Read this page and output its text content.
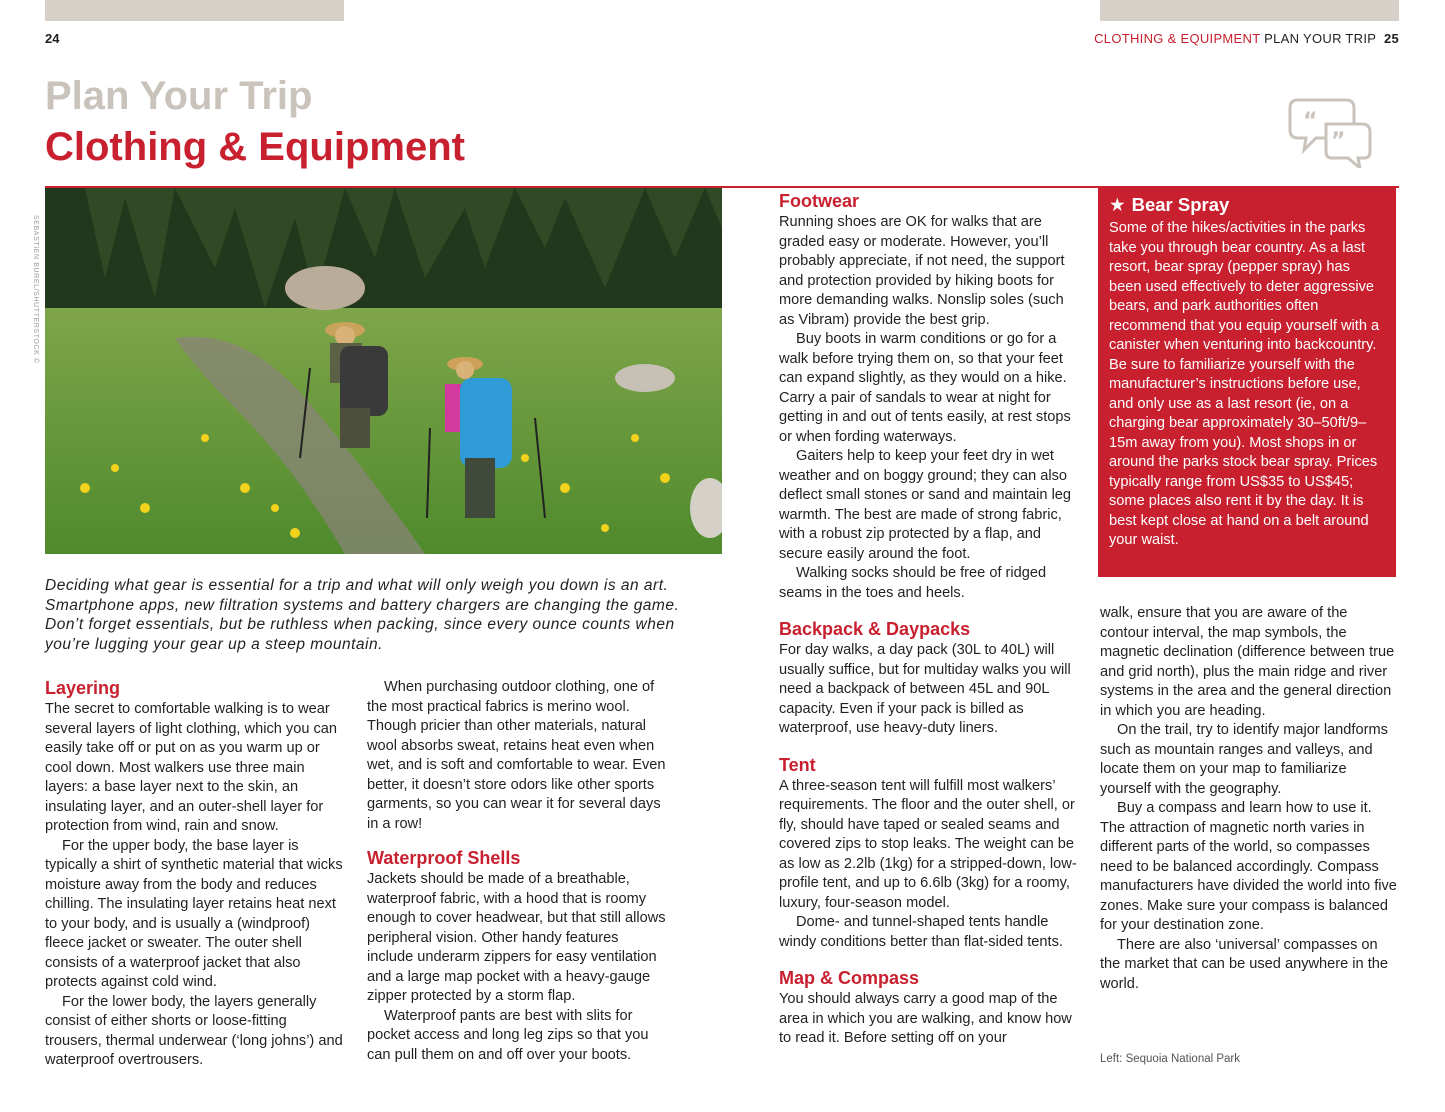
24	CLOTHING & EQUIPMENT PLAN YOUR TRIP 25
Plan Your Trip
Clothing & Equipment
“
”
SEBASTIEN BUREL/SHUTTERSTOCK ©
Deciding what gear is essential for a trip and what will only weigh you down is an art. Smartphone apps, new filtration systems and battery chargers are changing the game. Don’t forget essentials, but be ruthless when packing, since every ounce counts when you’re lugging your gear up a steep mountain.
Layering

The secret to comfortable walking is to wear several layers of light clothing, which you can easily take off or put on as you warm up or cool down. Most walkers use three main layers: a base layer next to the skin, an insulating layer, and an outer-shell layer for protection from wind, rain and snow.

For the upper body, the base layer is typically a shirt of synthetic material that wicks moisture away from the body and reduces chilling. The insulating layer retains heat next to your body, and is usually a (windproof) fleece jacket or sweater. The outer shell consists of a waterproof jacket that also protects against cold wind.

For the lower body, the layers generally consist of either shorts or loose-fitting trousers, thermal underwear (‘long johns’) and waterproof overtrousers.

When purchasing outdoor clothing, one of the most practical fabrics is merino wool. Though pricier than other materials, natural wool absorbs sweat, retains heat even when wet, and is soft and comfortable to wear. Even better, it doesn’t store odors like other sports garments, so you can wear it for several days in a row!

Waterproof Shells

Jackets should be made of a breathable, waterproof fabric, with a hood that is roomy enough to cover headwear, but that still allows peripheral vision. Other handy features include underarm zippers for easy ventilation and a large map pocket with a heavy-gauge zipper protected by a storm flap.

Waterproof pants are best with slits for pocket access and long leg zips so that you can pull them on and off over your boots.

Footwear

Running shoes are OK for walks that are graded easy or moderate. However, you’ll probably appreciate, if not need, the support and protection provided by hiking boots for more demanding walks. Nonslip soles (such as Vibram) provide the best grip.

Buy boots in warm conditions or go for a walk before trying them on, so that your feet can expand slightly, as they would on a hike. Carry a pair of sandals to wear at night for getting in and out of tents easily, at rest stops or when fording waterways.

Gaiters help to keep your feet dry in wet weather and on boggy ground; they can also deflect small stones or sand and maintain leg warmth. The best are made of strong fabric, with a robust zip protected by a flap, and secure easily around the foot.

Walking socks should be free of ridged seams in the toes and heels.

Backpack & Daypacks

For day walks, a day pack (30L to 40L) will usually suffice, but for multiday walks you will need a backpack of between 45L and 90L capacity. Even if your pack is billed as waterproof, use heavy-duty liners.

Tent

A three-season tent will fulfill most walkers’ requirements. The floor and the outer shell, or fly, should have taped or sealed seams and covered zips to stop leaks. The weight can be as low as 2.2lb (1kg) for a stripped-down, low-profile tent, and up to 6.6lb (3kg) for a roomy, luxury, four-season model.

Dome- and tunnel-shaped tents handle windy conditions better than flat-sided tents.

Map & Compass

You should always carry a good map of the area in which you are walking, and know how to read it. Before setting off on your

★ Bear Spray

Some of the hikes/activities in the parks take you through bear country. As a last resort, bear spray (pepper spray) has been used effectively to deter aggressive bears, and park authorities often recommend that you equip yourself with a canister when venturing into backcountry. Be sure to familiarize yourself with the manufacturer’s instructions before use, and only use as a last resort (ie, on a charging bear approximately 30–50ft/9–15m away from you). Most shops in or around the parks stock bear spray. Prices typically range from US$35 to US$45; some places also rent it by the day. It is best kept close at hand on a belt around your waist.

walk, ensure that you are aware of the contour interval, the map symbols, the magnetic declination (difference between true and grid north), plus the main ridge and river systems in the area and the general direction in which you are heading.

On the trail, try to identify major landforms such as mountain ranges and valleys, and locate them on your map to familiarize yourself with the geography.

Buy a compass and learn how to use it. The attraction of magnetic north varies in different parts of the world, so compasses need to be balanced accordingly. Compass manufacturers have divided the world into five zones. Make sure your compass is balanced for your destination zone.

There are also ‘universal’ compasses on the market that can be used anywhere in the world.

Left: Sequoia National Park
